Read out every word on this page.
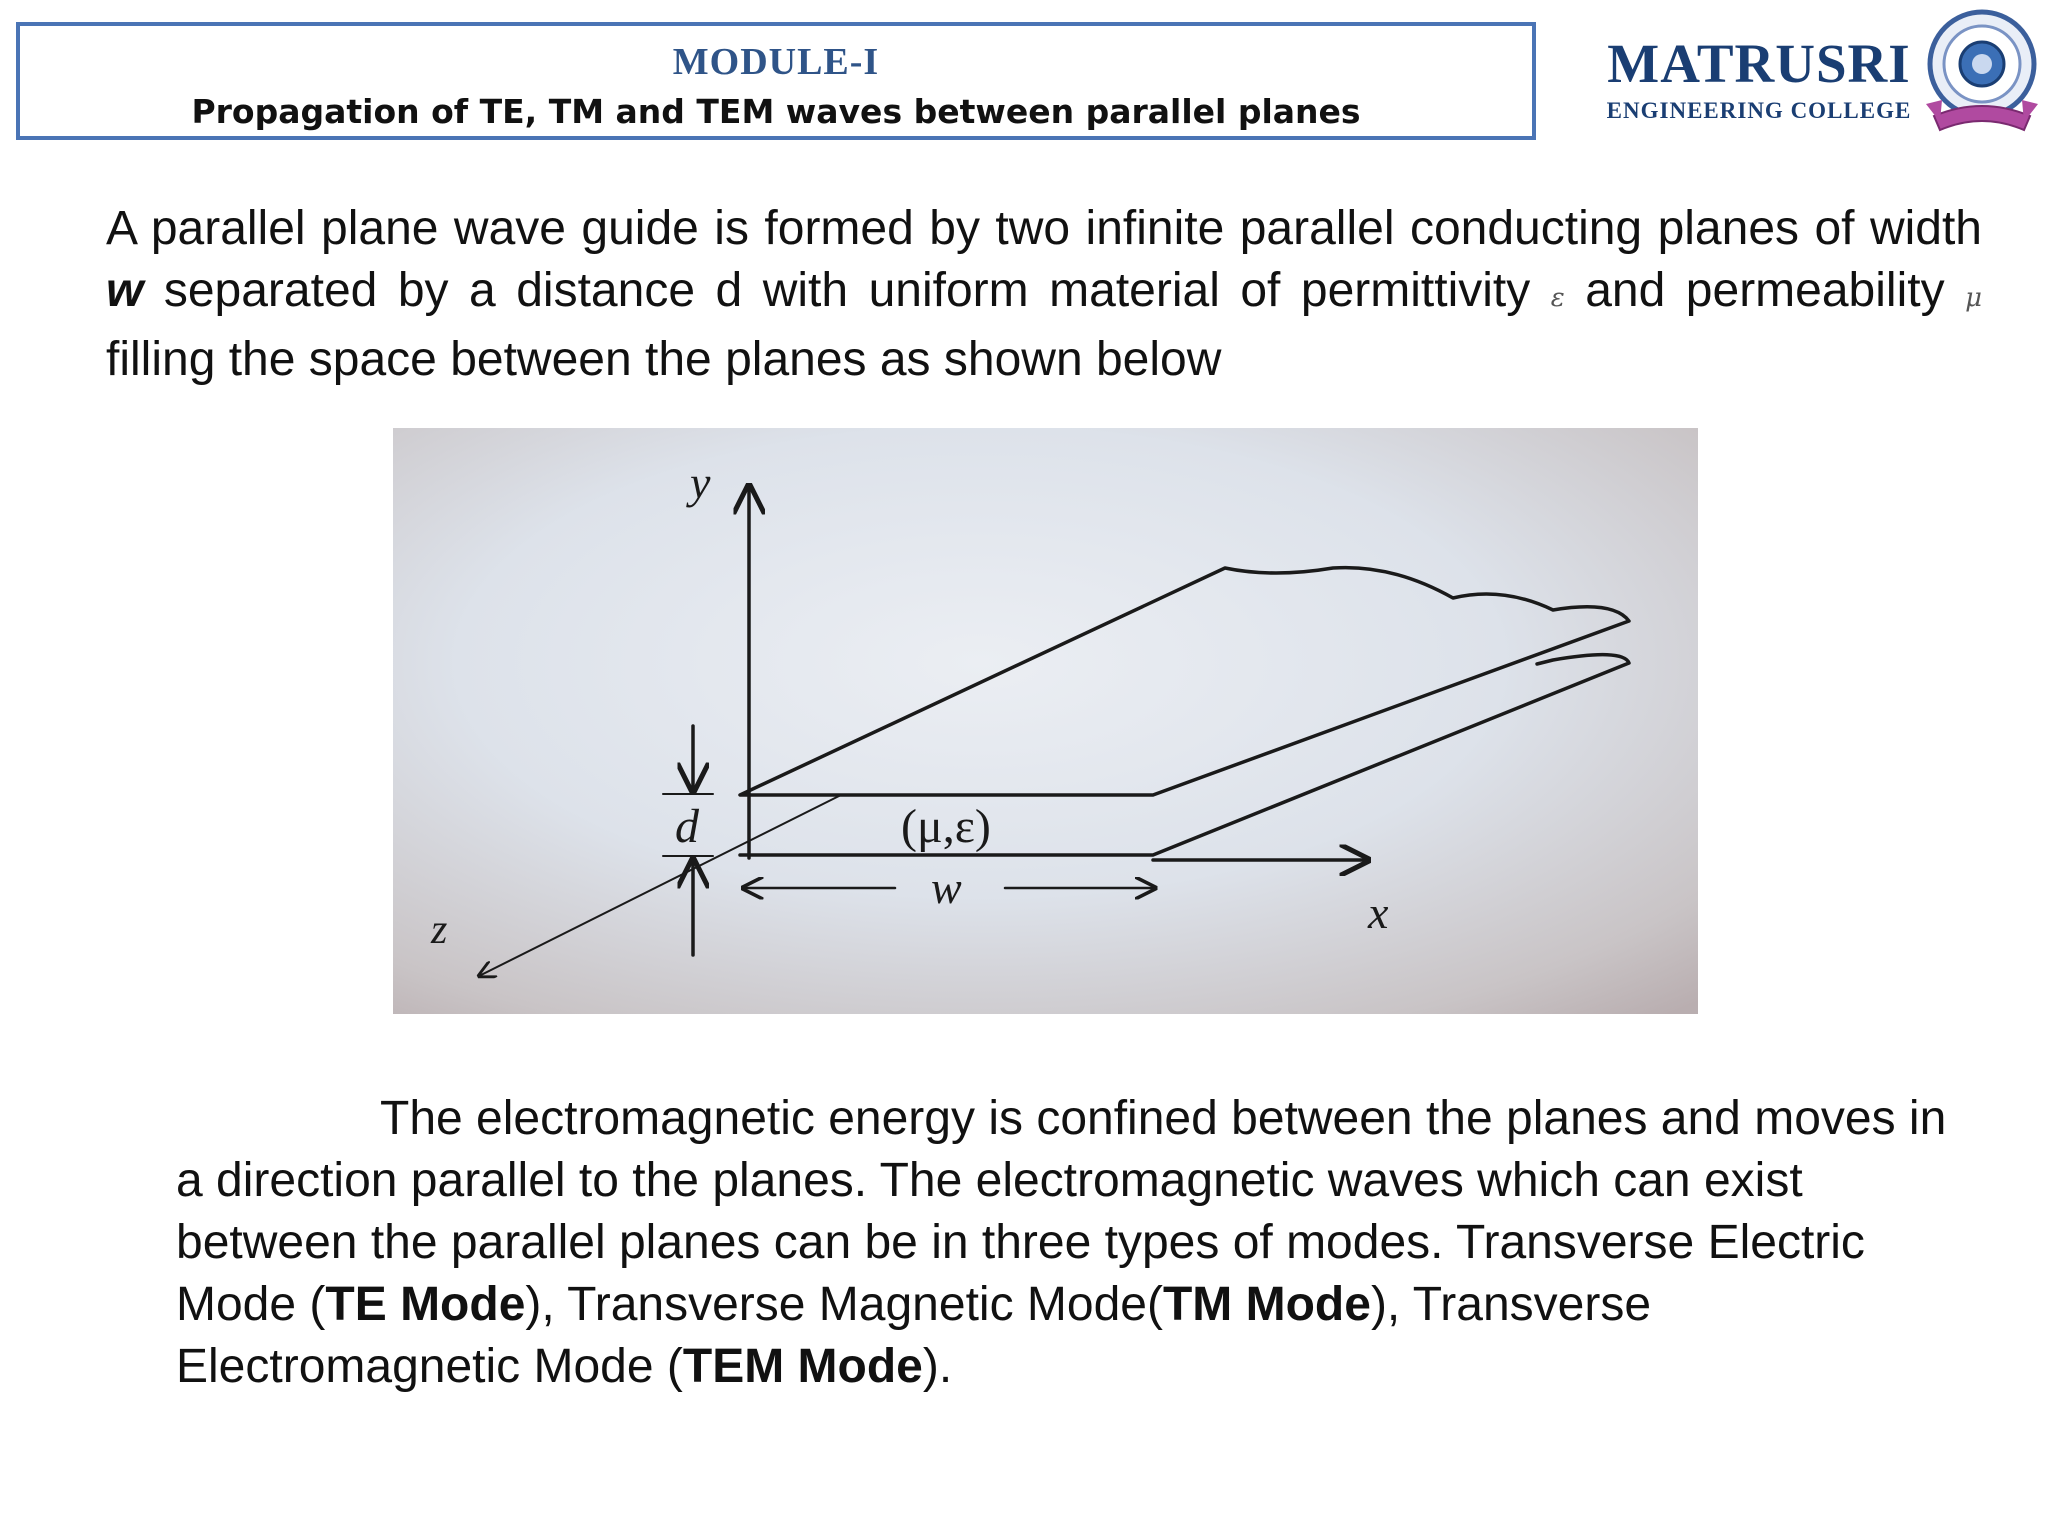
MODULE-I
Propagation of TE, TM and TEM waves between parallel planes
MATRUSRI
ENGINEERING COLLEGE
A parallel plane wave guide is formed by two infinite parallel conducting planes of width w separated by a distance d with uniform material of permittivity ε and permeability μ filling the space between the planes as shown below
y
x
z
d
w
(μ,ε)
The electromagnetic energy is confined between the planes and moves in a direction parallel to the planes. The electromagnetic waves which can exist between the parallel planes can be in three types of modes. Transverse Electric Mode (TE Mode), Transverse Magnetic Mode(TM Mode), Transverse Electromagnetic Mode (TEM Mode).
